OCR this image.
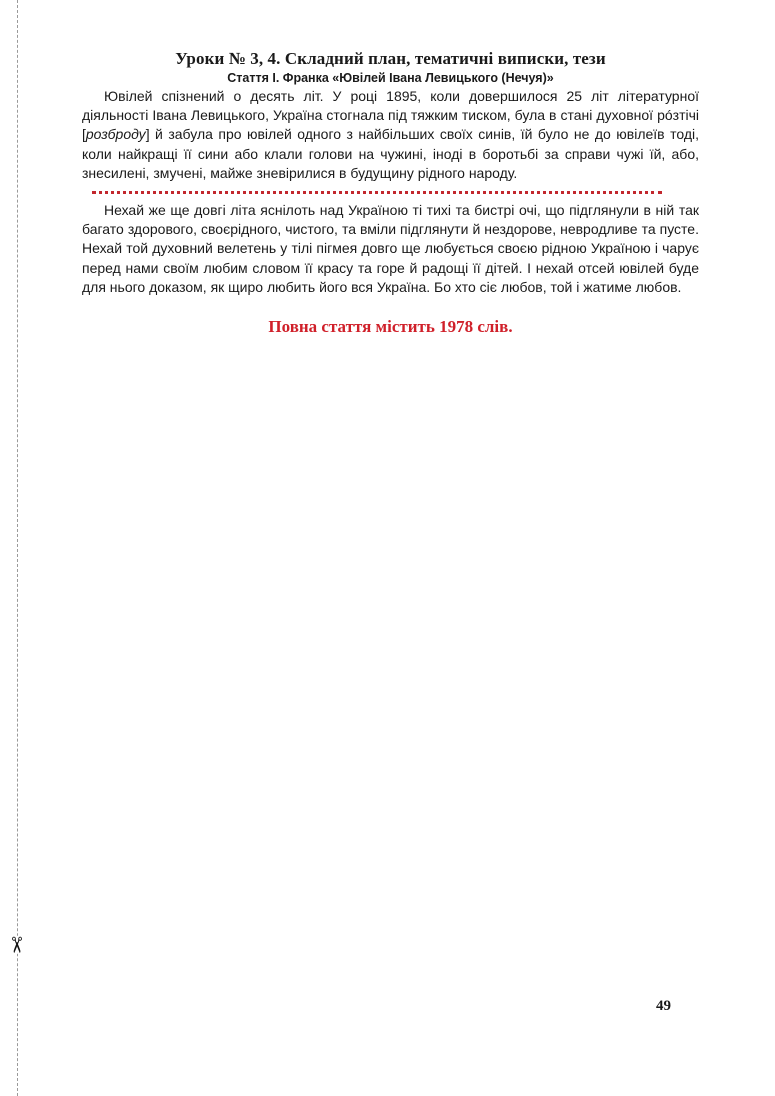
✂
Уроки № 3, 4. Складний план, тематичні виписки, тези
Стаття І. Франка «Ювілей Івана Левицького (Нечуя)»

Ювілей спізнений о десять літ. У році 1895, коли довершилося 25 літ літературної діяльності Івана Левицького, Україна стогнала під тяжким тиском, була в стані духовної рóзтічі [розброду] й забула про ювілей одного з найбільших своїх синів, їй було не до ювілеїв тоді, коли найкращі її сини або клали голови на чужині, іноді в боротьбі за справи чужі їй, або, знесилені, змучені, майже зневірилися в будущину рідного народу.

Нехай же ще довгі літа яснілоть над Україною ті тихі та бистрі очі, що підглянули в ній так багато здорового, своєрідного, чистого, та вміли підглянути й нездорове, невродливе та пусте. Нехай той духовний велетень у тілі пігмея довго ще любується своєю рідною Україною і чарує перед нами своїм любим словом її красу та горе й радощі її дітей. І нехай отсей ювілей буде для нього доказом, як щиро любить його вся Україна. Бо хто сіє любов, той і жатиме любов.

Повна стаття містить 1978 слів.
49
